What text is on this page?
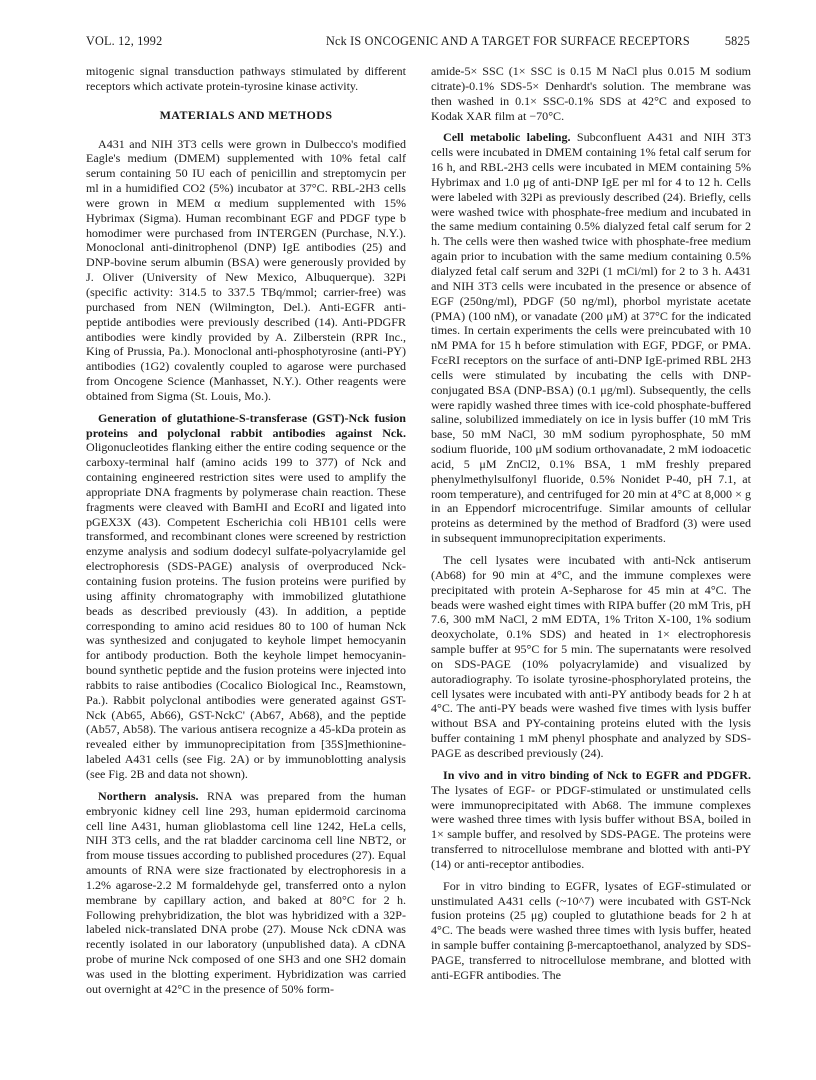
VOL. 12, 1992	Nck IS ONCOGENIC AND A TARGET FOR SURFACE RECEPTORS	5825

mitogenic signal transduction pathways stimulated by different receptors which activate protein-tyrosine kinase activity.

MATERIALS AND METHODS

A431 and NIH 3T3 cells were grown in Dulbecco's modified Eagle's medium (DMEM) supplemented with 10% fetal calf serum containing 50 IU each of penicillin and streptomycin per ml in a humidified CO2 (5%) incubator at 37°C. RBL-2H3 cells were grown in MEM α medium supplemented with 15% Hybrimax (Sigma). Human recombinant EGF and PDGF type b homodimer were purchased from INTERGEN (Purchase, N.Y.). Monoclonal anti-dinitrophenol (DNP) IgE antibodies (25) and DNP-bovine serum albumin (BSA) were generously provided by J. Oliver (University of New Mexico, Albuquerque). 32Pi (specific activity: 314.5 to 337.5 TBq/mmol; carrier-free) was purchased from NEN (Wilmington, Del.). Anti-EGFR anti-peptide antibodies were previously described (14). Anti-PDGFR antibodies were kindly provided by A. Zilberstein (RPR Inc., King of Prussia, Pa.). Monoclonal anti-phosphotyrosine (anti-PY) antibodies (1G2) covalently coupled to agarose were purchased from Oncogene Science (Manhasset, N.Y.). Other reagents were obtained from Sigma (St. Louis, Mo.).

Generation of glutathione-S-transferase (GST)-Nck fusion proteins and polyclonal rabbit antibodies against Nck. Oligonucleotides flanking either the entire coding sequence or the carboxy-terminal half (amino acids 199 to 377) of Nck and containing engineered restriction sites were used to amplify the appropriate DNA fragments by polymerase chain reaction. These fragments were cleaved with BamHI and EcoRI and ligated into pGEX3X (43). Competent Escherichia coli HB101 cells were transformed, and recombinant clones were screened by restriction enzyme analysis and sodium dodecyl sulfate-polyacrylamide gel electrophoresis (SDS-PAGE) analysis of overproduced Nck-containing fusion proteins. The fusion proteins were purified by using affinity chromatography with immobilized glutathione beads as described previously (43). In addition, a peptide corresponding to amino acid residues 80 to 100 of human Nck was synthesized and conjugated to keyhole limpet hemocyanin for antibody production. Both the keyhole limpet hemocyanin-bound synthetic peptide and the fusion proteins were injected into rabbits to raise antibodies (Cocalico Biological Inc., Reamstown, Pa.). Rabbit polyclonal antibodies were generated against GST-Nck (Ab65, Ab66), GST-NckC' (Ab67, Ab68), and the peptide (Ab57, Ab58). The various antisera recognize a 45-kDa protein as revealed either by immunoprecipitation from [35S]methionine-labeled A431 cells (see Fig. 2A) or by immunoblotting analysis (see Fig. 2B and data not shown).

Northern analysis. RNA was prepared from the human embryonic kidney cell line 293, human epidermoid carcinoma cell line A431, human glioblastoma cell line 1242, HeLa cells, NIH 3T3 cells, and the rat bladder carcinoma cell line NBT2, or from mouse tissues according to published procedures (27). Equal amounts of RNA were size fractionated by electrophoresis in a 1.2% agarose-2.2 M formaldehyde gel, transferred onto a nylon membrane by capillary action, and baked at 80°C for 2 h. Following prehybridization, the blot was hybridized with a 32P-labeled nick-translated DNA probe (27). Mouse Nck cDNA was recently isolated in our laboratory (unpublished data). A cDNA probe of murine Nck composed of one SH3 and one SH2 domain was used in the blotting experiment. Hybridization was carried out overnight at 42°C in the presence of 50% form-

amide-5× SSC (1× SSC is 0.15 M NaCl plus 0.015 M sodium citrate)-0.1% SDS-5× Denhardt's solution. The membrane was then washed in 0.1× SSC-0.1% SDS at 42°C and exposed to Kodak XAR film at −70°C.

Cell metabolic labeling. Subconfluent A431 and NIH 3T3 cells were incubated in DMEM containing 1% fetal calf serum for 16 h, and RBL-2H3 cells were incubated in MEM containing 5% Hybrimax and 1.0 μg of anti-DNP IgE per ml for 4 to 12 h. Cells were labeled with 32Pi as previously described (24). Briefly, cells were washed twice with phosphate-free medium and incubated in the same medium containing 0.5% dialyzed fetal calf serum for 2 h. The cells were then washed twice with phosphate-free medium again prior to incubation with the same medium containing 0.5% dialyzed fetal calf serum and 32Pi (1 mCi/ml) for 2 to 3 h. A431 and NIH 3T3 cells were incubated in the presence or absence of EGF (250ng/ml), PDGF (50 ng/ml), phorbol myristate acetate (PMA) (100 nM), or vanadate (200 μM) at 37°C for the indicated times. In certain experiments the cells were preincubated with 10 nM PMA for 15 h before stimulation with EGF, PDGF, or PMA. FcεRI receptors on the surface of anti-DNP IgE-primed RBL 2H3 cells were stimulated by incubating the cells with DNP-conjugated BSA (DNP-BSA) (0.1 μg/ml). Subsequently, the cells were rapidly washed three times with ice-cold phosphate-buffered saline, solubilized immediately on ice in lysis buffer (10 mM Tris base, 50 mM NaCl, 30 mM sodium pyrophosphate, 50 mM sodium fluoride, 100 μM sodium orthovanadate, 2 mM iodoacetic acid, 5 μM ZnCl2, 0.1% BSA, 1 mM freshly prepared phenylmethylsulfonyl fluoride, 0.5% Nonidet P-40, pH 7.1, at room temperature), and centrifuged for 20 min at 4°C at 8,000 × g in an Eppendorf microcentrifuge. Similar amounts of cellular proteins as determined by the method of Bradford (3) were used in subsequent immunoprecipitation experiments.

The cell lysates were incubated with anti-Nck antiserum (Ab68) for 90 min at 4°C, and the immune complexes were precipitated with protein A-Sepharose for 45 min at 4°C. The beads were washed eight times with RIPA buffer (20 mM Tris, pH 7.6, 300 mM NaCl, 2 mM EDTA, 1% Triton X-100, 1% sodium deoxycholate, 0.1% SDS) and heated in 1× electrophoresis sample buffer at 95°C for 5 min. The supernatants were resolved on SDS-PAGE (10% polyacrylamide) and visualized by autoradiography. To isolate tyrosine-phosphorylated proteins, the cell lysates were incubated with anti-PY antibody beads for 2 h at 4°C. The anti-PY beads were washed five times with lysis buffer without BSA and PY-containing proteins eluted with the lysis buffer containing 1 mM phenyl phosphate and analyzed by SDS-PAGE as described previously (24).

In vivo and in vitro binding of Nck to EGFR and PDGFR. The lysates of EGF- or PDGF-stimulated or unstimulated cells were immunoprecipitated with Ab68. The immune complexes were washed three times with lysis buffer without BSA, boiled in 1× sample buffer, and resolved by SDS-PAGE. The proteins were transferred to nitrocellulose membrane and blotted with anti-PY (14) or anti-receptor antibodies.

For in vitro binding to EGFR, lysates of EGF-stimulated or unstimulated A431 cells (~10^7) were incubated with GST-Nck fusion proteins (25 μg) coupled to glutathione beads for 2 h at 4°C. The beads were washed three times with lysis buffer, heated in sample buffer containing β-mercaptoethanol, analyzed by SDS-PAGE, transferred to nitrocellulose membrane, and blotted with anti-EGFR antibodies. The
